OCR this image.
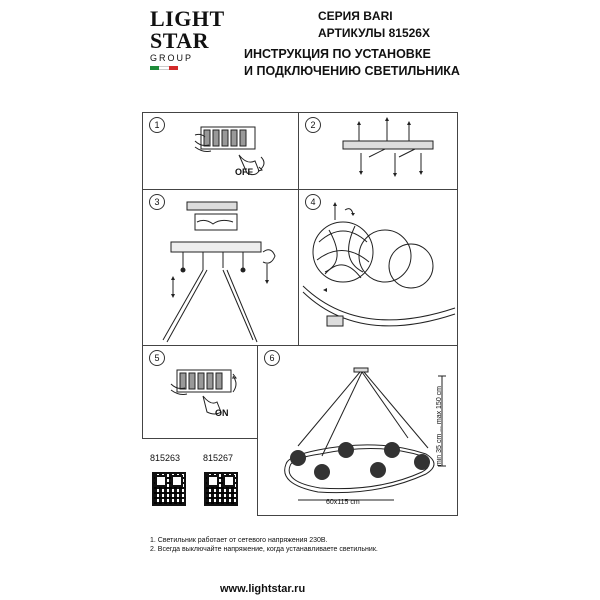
LIGHT
STAR
GROUP
СЕРИЯ BARI
АРТИКУЛЫ 81526X
ИНСТРУКЦИЯ ПО УСТАНОВКЕ
И ПОДКЛЮЧЕНИЮ СВЕТИЛЬНИКА
1
OFF
2
3	4
5
ON
6
min 35 cm ... max 150 cm
60x115 cm
815263	815267
1. Светильник работает от сетевого напряжения 230В.
2. Всегда выключайте напряжение, когда устанавливаете светильник.
www.lightstar.ru
